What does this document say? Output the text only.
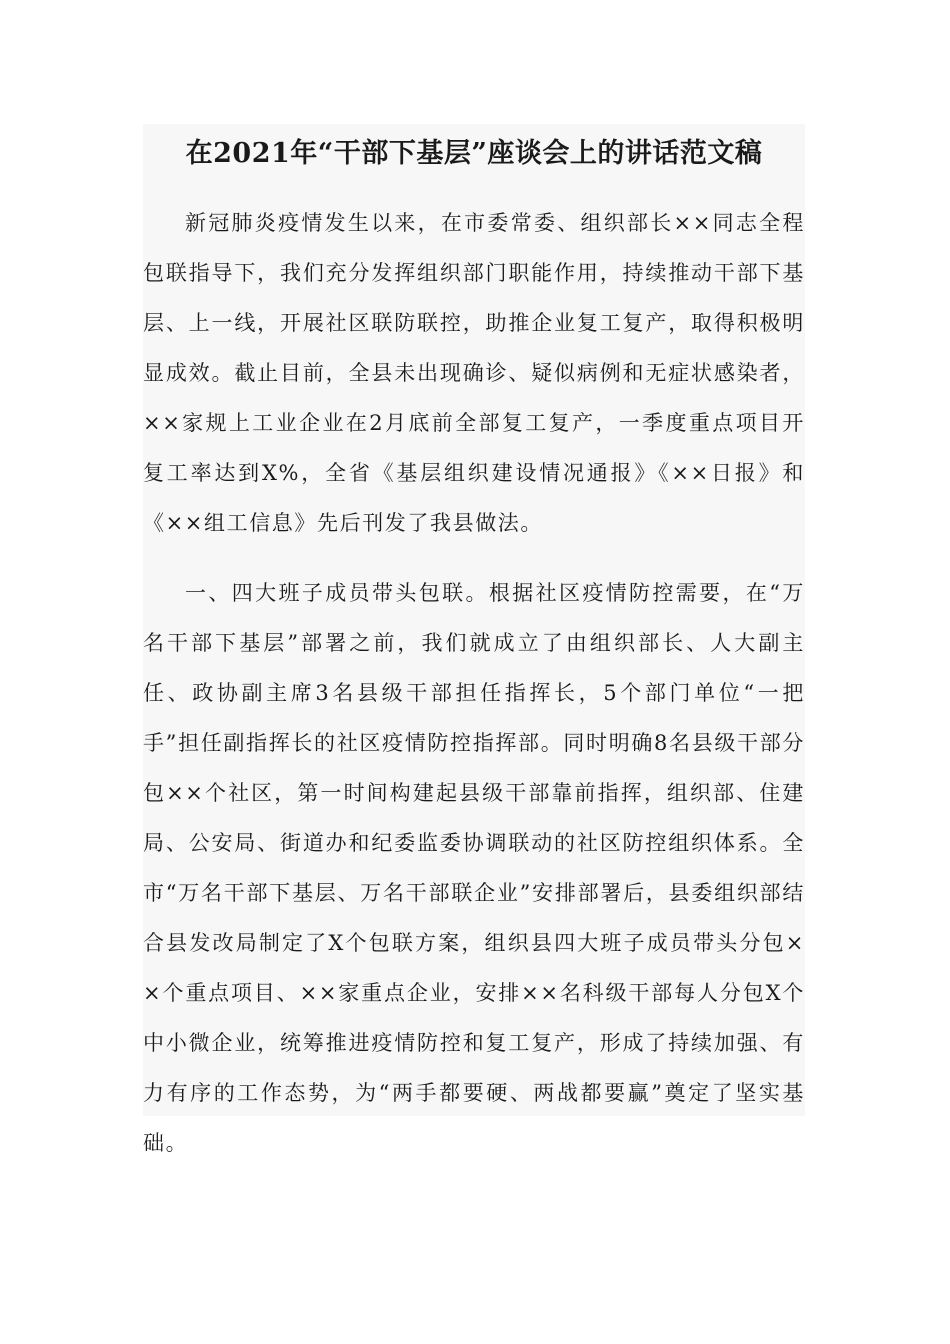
在2021年“干部下基层”座谈会上的讲话范文稿

新冠肺炎疫情发生以来，在市委常委、组织部长××同志全程包联指导下，我们充分发挥组织部门职能作用，持续推动干部下基层、上一线，开展社区联防联控，助推企业复工复产，取得积极明显成效。截止目前，全县未出现确诊、疑似病例和无症状感染者，××家规上工业企业在2月底前全部复工复产，一季度重点项目开复工率达到X%，全省《基层组织建设情况通报》《××日报》和《××组工信息》先后刊发了我县做法。

一、四大班子成员带头包联。根据社区疫情防控需要，在“万名干部下基层”部署之前，我们就成立了由组织部长、人大副主任、政协副主席3名县级干部担任指挥长，5个部门单位“一把手”担任副指挥长的社区疫情防控指挥部。同时明确8名县级干部分包××个社区，第一时间构建起县级干部靠前指挥，组织部、住建局、公安局、街道办和纪委监委协调联动的社区防控组织体系。全市“万名干部下基层、万名干部联企业”安排部署后，县委组织部结合县发改局制定了X个包联方案，组织县四大班子成员带头分包××个重点项目、××家重点企业，安排××名科级干部每人分包X个中小微企业，统筹推进疫情防控和复工复产，形成了持续加强、有力有序的工作态势，为“两手都要硬、两战都要赢”奠定了坚实基础。
